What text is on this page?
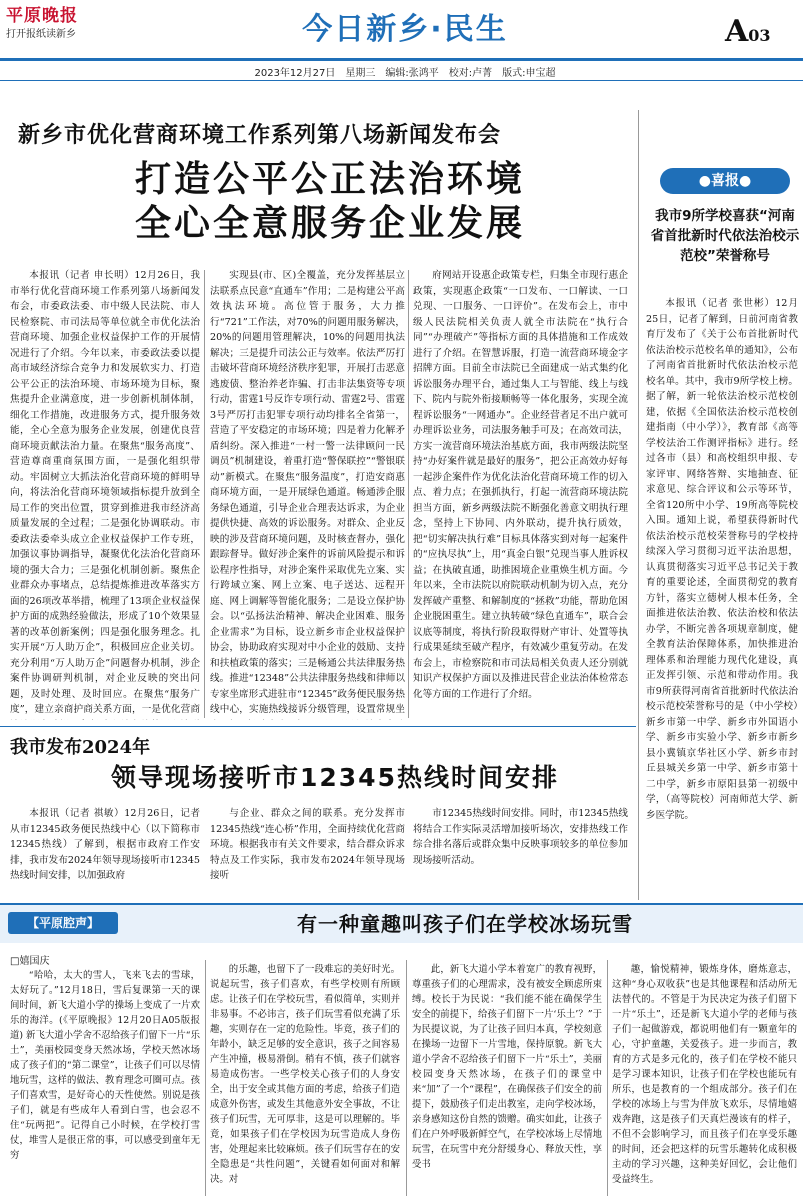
平原晚报
打开报纸读新乡	今日新乡·民生	A03
2023年12月27日　星期三　编辑:张鸿平　校对:卢菁　版式:申宝超
新乡市优化营商环境工作系列第八场新闻发布会
打造公平公正法治环境
全心全意服务企业发展

本报讯（记者 申长明）12月26日，我市举行优化营商环境工作系列第八场新闻发布会，市委政法委、市中级人民法院、市人民检察院、市司法局等单位就全市优化法治营商环境、加强企业权益保护工作的开展情况进行了介绍。今年以来，市委政法委以提高市域经济综合竞争力和发展软实力、打造公平公正的法治环境、市场环境为目标，聚焦提升企业满意度，进一步创新机制体制，细化工作措施，改进服务方式，提升服务效能，全心全意为服务企业发展，创建优良营商环境贡献法治力量。在聚焦“服务高度”、营造尊商重商氛围方面，一是强化组织带动。牢固树立大抓法治化营商环境的鲜明导向，将法治化营商环境领域指标提升放到全局工作的突出位置，贯穿到推进我市经济高质量发展的全过程；二是强化协调联动。市委政法委牵头成立企业权益保护工作专班，加强议事协调指导，凝聚优化法治化营商环境的强大合力；三是强化机制创新。聚焦企业群众办事堵点，总结提炼推进改革落实方面的26项改革举措，梳理了13项企业权益保护方面的成熟经验做法，形成了10个效果显著的改革创新案例；四是强化服务理念。扎实开展“万人助万企”，积极回应企业关切。充分利用“万人助万企”问题督办机制，涉企案件协调研判机制，对企业反映的突出问题，及时处理、及时回应。在聚焦“服务广度”，建立亲商护商关系方面，一是优化营商

实现县(市、区)全覆盖，充分发挥基层立法联系点民意“直通车”作用；二是构建公平高效执法环境。高位管于服务，大力推行“721”工作法，对70%的问题用服务解决，20%的问题用管理解决，10%的问题用执法解决；三是提升司法公正与效率。依法严厉打击破坏营商环境经济秩序犯罪，开展打击恶意逃废债、整治养老诈骗、打击非法集资等专项行动，雷霆1号反诈专项行动、雷霆2号、雷霆3号严厉打击犯罪专项行动均排名全省第一，营造了平安稳定的市场环境；四是着力化解矛盾纠纷。深入推进“一村一警一法律顾问一民调员”机制建设，着重打造“警保联控”“警银联动”新模式。在聚焦“服务温度”，打造安商惠商环境方面，一是开展绿色通道。畅通涉企服务绿色通道，引导企业合理表达诉求，为企业提供快捷、高效的诉讼服务。对群众、企业反映的涉及营商环境问题，及时核查督办，强化跟踪督导。做好涉企案件的诉前风险提示和诉讼程序性指导，对涉企案件采取优先立案、实行跨域立案、网上立案、电子送达、远程开庭、网上调解等智能化服务；二是设立保护协会。以“弘扬法治精神、解决企业困难、服务企业需求”为目标，设立新乡市企业权益保护协会，协助政府实现对中小企业的鼓励、支持和扶植政策的落实；三是畅通公共法律服务热线。推进“12348”公共法律服务热线和律师以专家坐席形式进驻市“12345”政务便民服务热线中心，实施热线接诉分级管理，设置常规坐

府网站开设惠企政策专栏，归集全市现行惠企政策，实现惠企政策“一口发布、一口解读、一口兑现、一口服务、一口评价”。在发布会上，市中级人民法院相关负责人就全市法院在“执行合同”“办理破产”等指标方面的具体措施和工作成效进行了介绍。在智慧诉服，打造一流营商环境金字招牌方面。目前全市法院已全面建成一站式集约化诉讼服务办理平台，通过集人工与智能、线上与线下、院内与院外衔接顺畅等一体化服务，实现全流程诉讼服务“一网通办”。企业经营者足不出户就可办理诉讼业务，司法服务触手可及；在高效司法，方实一流营商环境法治基底方面，我市两级法院坚持“办好案件就是最好的服务”，把公正高效办好每一起涉企案件作为优化法治化营商环境工作的切入点、着力点；在强抓执行，打起一流营商环境法院担当方面，新乡两级法院不断强化善意文明执行理念，坚持上下协同、内外联动，提升执行质效，把“切实解决执行难”目标具体落实到对每一起案件的“应执尽执”上，用“真金白银”兑现当事人胜诉权益；在执破直通，助推困境企业重焕生机方面。今年以来，全市法院以府院联动机制为切入点，充分发挥破产重整、和解制度的“拯救”功能，帮助危困企业脱困重生。建立执转破“绿色直通车”，联合会议底等制度，将执行阶段取得财产审计、处置等执行成果延续至破产程序，有效减少重复劳动。在发布会上，市检察院和市司法局相关负责人还分别就知识产权保护方面以及推进民营企业法治体检常态化等方面的工作进行了介绍。

●喜报●
我市9所学校喜获“河南省首批新时代依法治校示范校”荣誉称号

本报讯（记者 张世彬）12月25日，记者了解到，日前河南省教育厅发布了《关于公布首批新时代依法治校示范校名单的通知》，公布了河南省首批新时代依法治校示范校名单。其中，我市9所学校上榜。据了解，新一轮依法治校示范校创建，依据《全国依法治校示范校创建指南（中小学）》，教育部《高等学校法治工作测评指标》进行。经过各市（县）和高校组织申报、专家评审、网络答辩、实地抽查、征求意见、综合评议和公示等环节，全省120所中小学、19所高等院校入围。通知上说，希望获得新时代依法治校示范校荣誉称号的学校持续深入学习贯彻习近平法治思想，认真贯彻落实习近平总书记关于教育的重要论述，全面贯彻党的教育方针，落实立德树人根本任务，全面推进依法治教、依法治校和依法办学，不断完善各项规章制度，健全教育法治保障体系，加快推进治理体系和治理能力现代化建设，真正发挥引领、示范和带动作用。我市9所获得河南省首批新时代依法治校示范校荣誉称号的是（中小学校）新乡市第一中学、新乡市外国语小学、新乡市实验小学、新乡市新乡县小冀镇京华社区小学、新乡市封丘县城关乡第一中学、新乡市第十二中学，新乡市原阳县第一初级中学，（高等院校）河南师范大学、新乡医学院。

我市发布2024年
领导现场接听市12345热线时间安排

本报讯（记者 祺敏）12月26日，记者从市12345政务便民热线中心（以下简称市12345热线）了解到，根据市政府工作安排，我市发布2024年领导现场接听市12345热线时间安排，以加强政府

与企业、群众之间的联系。充分发挥市12345热线“连心桥”作用，全面持续优化营商环境。根据我市有关文件要求，结合群众诉求特点及工作实际，我市发布2024年领导现场接听

市12345热线时间安排。同时，市12345热线将结合工作实际灵活增加接听场次，安排热线工作综合排名落后或群众集中反映事项较多的单位参加现场接听活动。

【平原腔声】	有一种童趣叫孩子们在学校冰场玩雪
□嬉国庆

“哈哈，太大的雪人，飞来飞去的雪球，太好玩了。”12月18日，雪后复课第一天的课间时间，新飞大道小学的操场上变成了一片欢乐的海洋。(《平原晚报》12月20日A05版报道) 新飞大道小学舍不忍给孩子们留下一片“乐土”，美丽校园变身天然冰场，学校天然冰场成了孩子们的“第二课堂”，让孩子们可以尽情地玩雪，这样的做法、教育理念可圈可点。孩子们喜欢雪，是好奇心的天性使然。别说是孩子们，就是有些成年人看到白雪，也会忍不住“玩两把”。记得自己小时候，在学校打雪仗，堆雪人是很正常的事，可以感受到童年无穷

的乐趣，也留下了一段难忘的美好时光。说起玩雪，孩子们喜欢，有些学校则有所顾虑。让孩子们在学校玩雪，看似简单，实则并非易事。不必讳言，孩子们玩雪看似充满了乐趣，实则存在一定的危险性。毕竟，孩子们的年龄小，缺乏足够的安全意识，孩子之间容易产生冲撞，极易滑倒。稍有不慎，孩子们就容易造成伤害。一些学校关心孩子们的人身安全，出于安全或其他方面的考虑，给孩子们造成意外伤害，或发生其他意外安全事故，不让孩子们玩雪，无可厚非，这是可以理解的。毕竟，如果孩子们在学校因为玩雪造成人身伤害，处理起来比较麻烦。孩子们玩雪存在的安全隐患是“共性问题”，关键看如何面对和解决。对

此，新飞大道小学本着宽广的教育视野，尊重孩子们的心理需求，没有被安全顾虑所束缚。校长于为民说：“我们能不能在确保学生安全的前提下，给孩子们留下一片‘乐土’？”于为民提议说，为了让孩子回归本真，学校刻意在操场一边留下一片雪地，保持原貌。新飞大道小学舍不忍给孩子们留下一片“乐土”，美丽校园变身天然冰场，在孩子们的课堂中来“加”了一个“课程”，在确保孩子们安全的前提下，鼓励孩子们走出教室，走向学校冰场，亲身感知这份自然的馈赠。确实如此，让孩子们在户外呼吸新鲜空气，在学校冰场上尽情地玩雪，在玩雪中充分舒缓身心、释放天性，享受书

趣，愉悦精神，锻炼身体，磨炼意志，这种“身心双收获”也是其他课程和活动所无法替代的。不管是于为民决定为孩子们留下一片“乐土”，还是新飞大道小学的老师与孩子们一起做游戏，都说明他们有一颗童年的心，守护童趣，关爱孩子。进一步而言，教育的方式是多元化的，孩子们在学校不能只是学习课本知识，让孩子们在学校也能玩有所乐，也是教育的一个组成部分。孩子们在学校的冰场上与雪为伴放飞欢乐，尽情地嬉戏奔跑，这是孩子们天真烂漫该有的样子，不但不会影响学习，而且孩子们在享受乐趣的时间，还会把这样的玩雪乐趣转化成积极主动的学习兴趣，这种美好回忆，会让他们受益终生。
